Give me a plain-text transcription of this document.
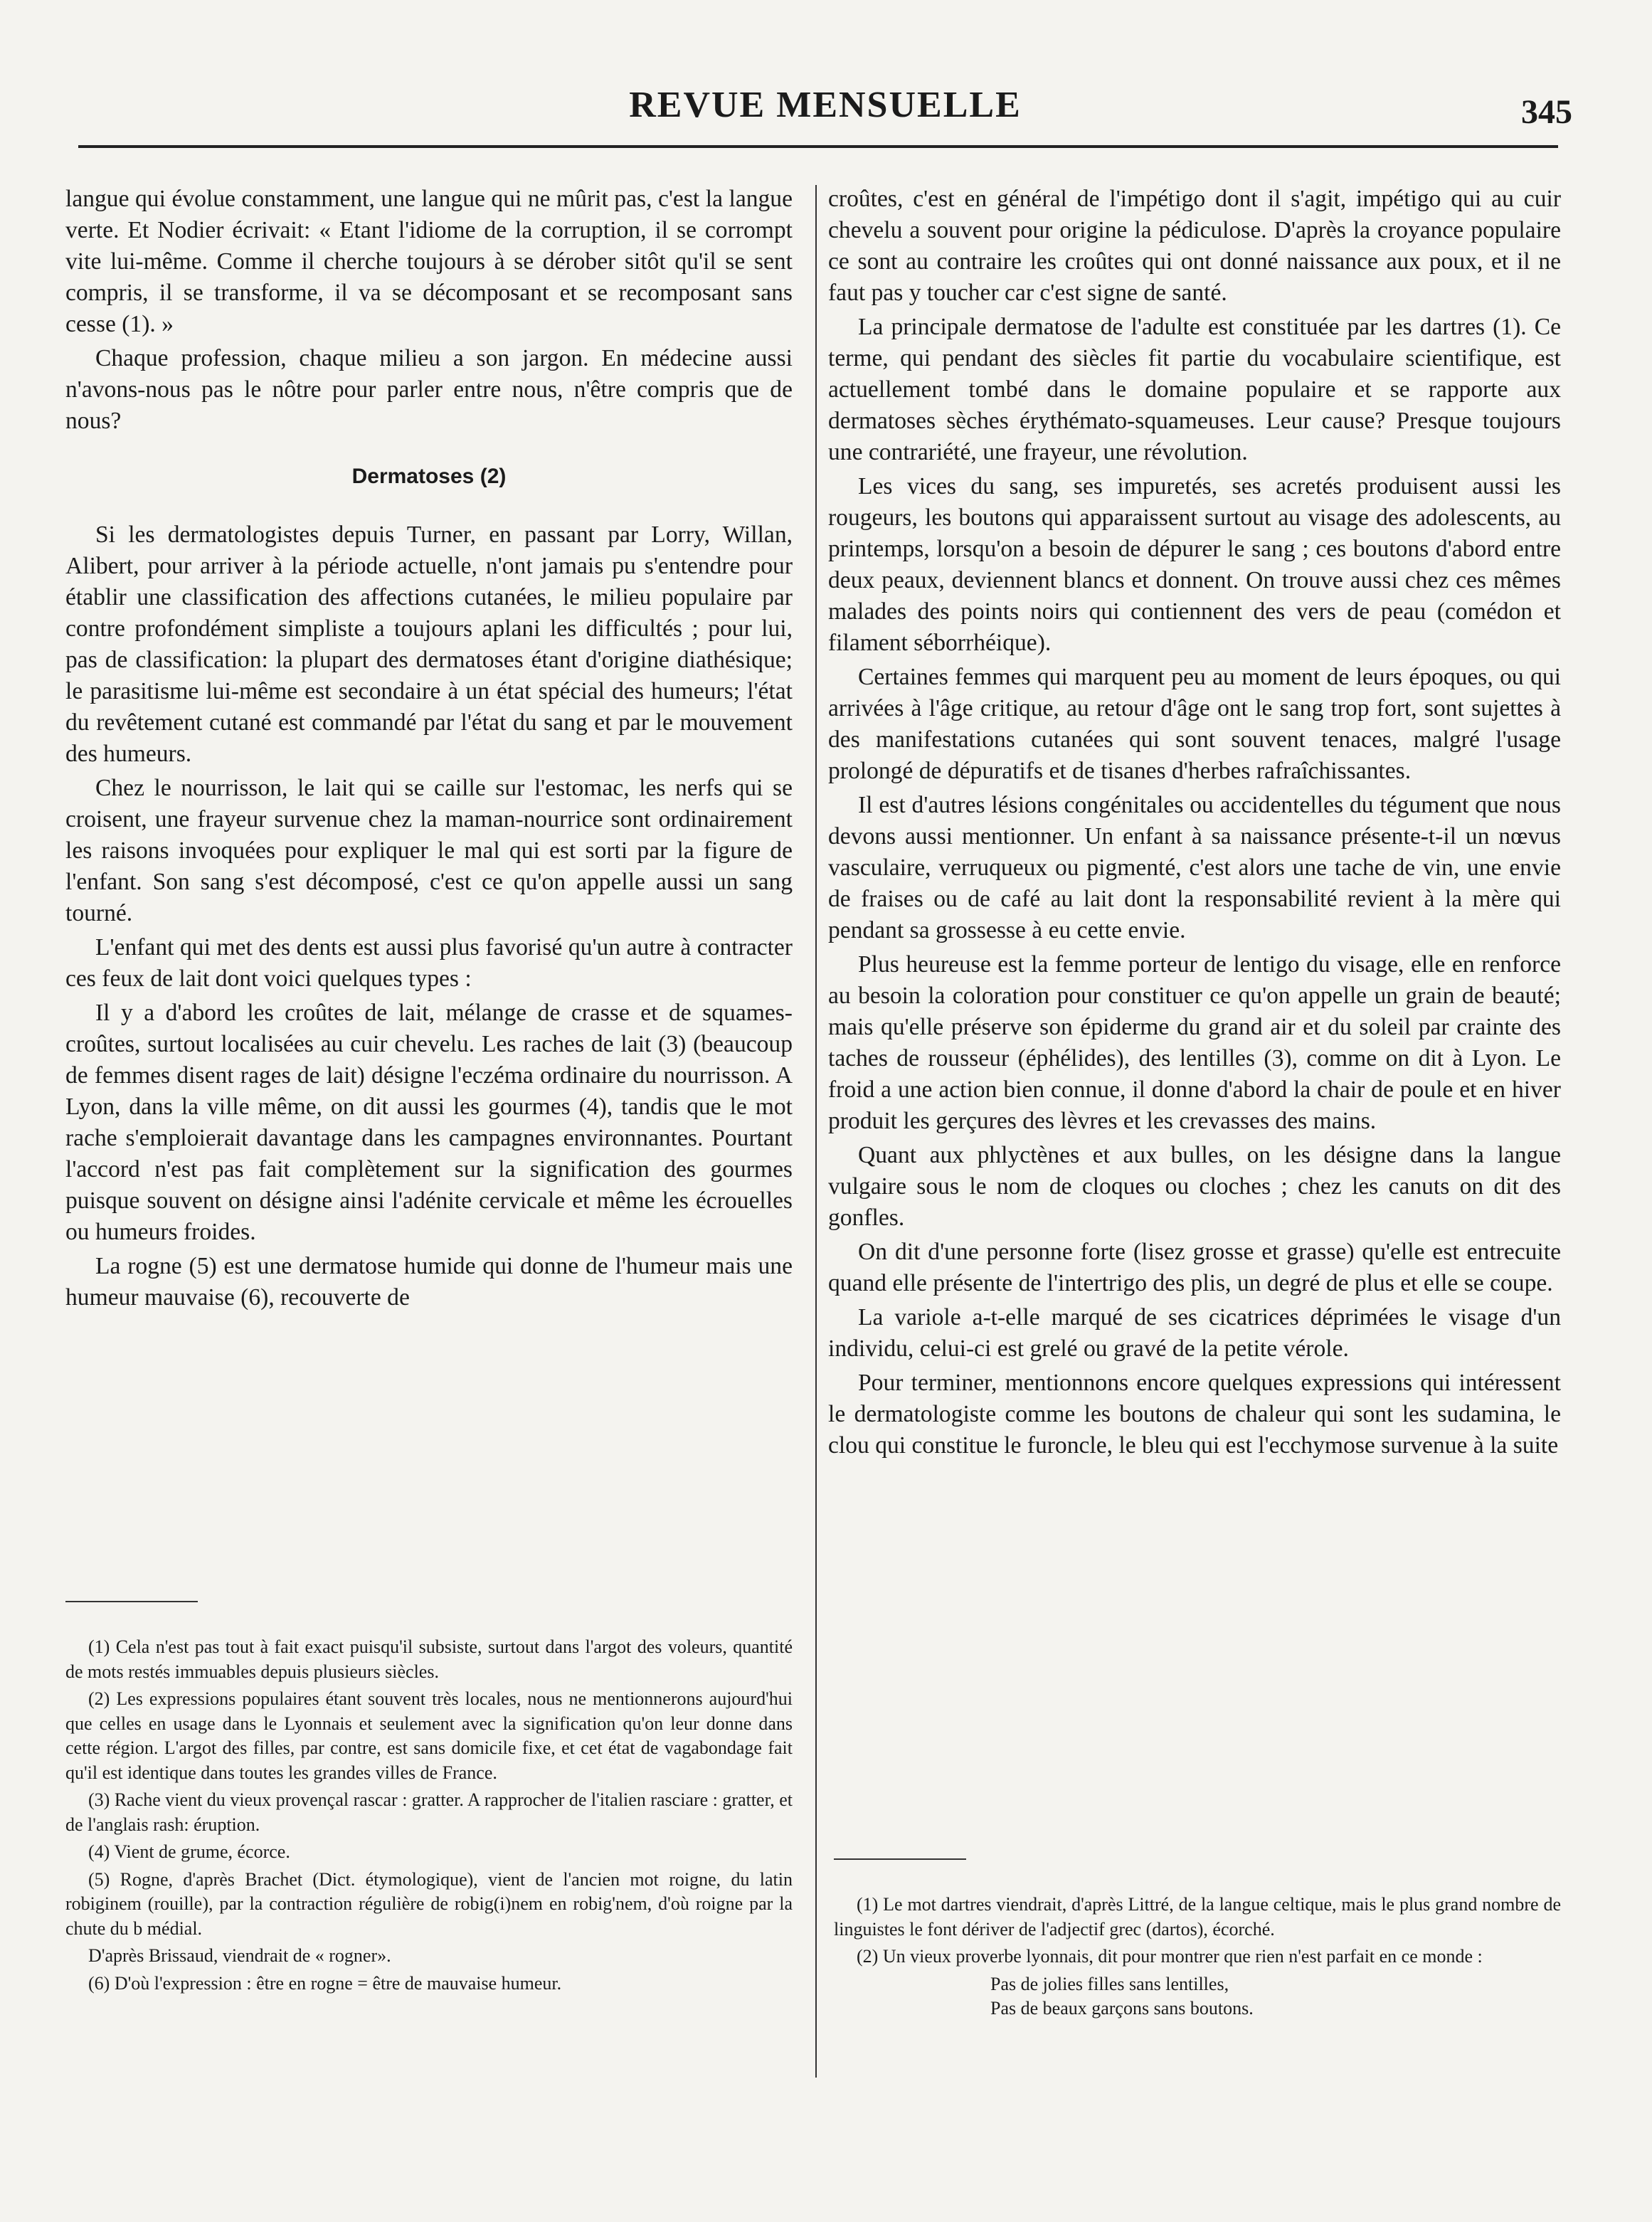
REVUE MENSUELLE	345

langue qui évolue constamment, une langue qui ne mûrit pas, c'est la langue verte. Et Nodier écrivait: « Etant l'idiome de la corruption, il se corrompt vite lui-même. Comme il cherche toujours à se dérober sitôt qu'il se sent compris, il se transforme, il va se décomposant et se recomposant sans cesse (1). »

Chaque profession, chaque milieu a son jargon. En médecine aussi n'avons-nous pas le nôtre pour parler entre nous, n'être compris que de nous?

Dermatoses (2)

Si les dermatologistes depuis Turner, en passant par Lorry, Willan, Alibert, pour arriver à la période actuelle, n'ont jamais pu s'entendre pour établir une classification des affections cutanées, le milieu populaire par contre profondément simpliste a toujours aplani les difficultés ; pour lui, pas de classification: la plupart des dermatoses étant d'origine diathésique; le parasitisme lui-même est secondaire à un état spécial des humeurs; l'état du revêtement cutané est commandé par l'état du sang et par le mouvement des humeurs.

Chez le nourrisson, le lait qui se caille sur l'estomac, les nerfs qui se croisent, une frayeur survenue chez la maman-nourrice sont ordinairement les raisons invoquées pour expliquer le mal qui est sorti par la figure de l'enfant. Son sang s'est décomposé, c'est ce qu'on appelle aussi un sang tourné.

L'enfant qui met des dents est aussi plus favorisé qu'un autre à contracter ces feux de lait dont voici quelques types :

Il y a d'abord les croûtes de lait, mélange de crasse et de squames-croûtes, surtout localisées au cuir chevelu. Les raches de lait (3) (beaucoup de femmes disent rages de lait) désigne l'eczéma ordinaire du nourrisson. A Lyon, dans la ville même, on dit aussi les gourmes (4), tandis que le mot rache s'emploierait davantage dans les campagnes environnantes. Pourtant l'accord n'est pas fait complètement sur la signification des gourmes puisque souvent on désigne ainsi l'adénite cervicale et même les écrouelles ou humeurs froides.

La rogne (5) est une dermatose humide qui donne de l'humeur mais une humeur mauvaise (6), recouverte de

(1) Cela n'est pas tout à fait exact puisqu'il subsiste, surtout dans l'argot des voleurs, quantité de mots restés immuables depuis plusieurs siècles.

(2) Les expressions populaires étant souvent très locales, nous ne mentionnerons aujourd'hui que celles en usage dans le Lyonnais et seulement avec la signification qu'on leur donne dans cette région. L'argot des filles, par contre, est sans domicile fixe, et cet état de vagabondage fait qu'il est identique dans toutes les grandes villes de France.

(3) Rache vient du vieux provençal rascar : gratter. A rapprocher de l'italien rasciare : gratter, et de l'anglais rash: éruption.

(4) Vient de grume, écorce.

(5) Rogne, d'après Brachet (Dict. étymologique), vient de l'ancien mot roigne, du latin robiginem (rouille), par la contraction régulière de robig(i)nem en robig'nem, d'où roigne par la chute du b médial.

D'après Brissaud, viendrait de « rogner».

(6) D'où l'expression : être en rogne = être de mauvaise humeur.

croûtes, c'est en général de l'impétigo dont il s'agit, impétigo qui au cuir chevelu a souvent pour origine la pédiculose. D'après la croyance populaire ce sont au contraire les croûtes qui ont donné naissance aux poux, et il ne faut pas y toucher car c'est signe de santé.

La principale dermatose de l'adulte est constituée par les dartres (1). Ce terme, qui pendant des siècles fit partie du vocabulaire scientifique, est actuellement tombé dans le domaine populaire et se rapporte aux dermatoses sèches érythémato-squameuses. Leur cause? Presque toujours une contrariété, une frayeur, une révolution.

Les vices du sang, ses impuretés, ses acretés produisent aussi les rougeurs, les boutons qui apparaissent surtout au visage des adolescents, au printemps, lorsqu'on a besoin de dépurer le sang ; ces boutons d'abord entre deux peaux, deviennent blancs et donnent. On trouve aussi chez ces mêmes malades des points noirs qui contiennent des vers de peau (comédon et filament séborrhéique).

Certaines femmes qui marquent peu au moment de leurs époques, ou qui arrivées à l'âge critique, au retour d'âge ont le sang trop fort, sont sujettes à des manifestations cutanées qui sont souvent tenaces, malgré l'usage prolongé de dépuratifs et de tisanes d'herbes rafraîchissantes.

Il est d'autres lésions congénitales ou accidentelles du tégument que nous devons aussi mentionner. Un enfant à sa naissance présente-t-il un nœvus vasculaire, verruqueux ou pigmenté, c'est alors une tache de vin, une envie de fraises ou de café au lait dont la responsabilité revient à la mère qui pendant sa grossesse à eu cette envie.

Plus heureuse est la femme porteur de lentigo du visage, elle en renforce au besoin la coloration pour constituer ce qu'on appelle un grain de beauté; mais qu'elle préserve son épiderme du grand air et du soleil par crainte des taches de rousseur (éphélides), des lentilles (3), comme on dit à Lyon. Le froid a une action bien connue, il donne d'abord la chair de poule et en hiver produit les gerçures des lèvres et les crevasses des mains.

Quant aux phlyctènes et aux bulles, on les désigne dans la langue vulgaire sous le nom de cloques ou cloches ; chez les canuts on dit des gonfles.

On dit d'une personne forte (lisez grosse et grasse) qu'elle est entrecuite quand elle présente de l'intertrigo des plis, un degré de plus et elle se coupe.

La variole a-t-elle marqué de ses cicatrices déprimées le visage d'un individu, celui-ci est grelé ou gravé de la petite vérole.

Pour terminer, mentionnons encore quelques expressions qui intéressent le dermatologiste comme les boutons de chaleur qui sont les sudamina, le clou qui constitue le furoncle, le bleu qui est l'ecchymose survenue à la suite

(1) Le mot dartres viendrait, d'après Littré, de la langue celtique, mais le plus grand nombre de linguistes le font dériver de l'adjectif grec (dartos), écorché.

(2) Un vieux proverbe lyonnais, dit pour montrer que rien n'est parfait en ce monde :

Pas de jolies filles sans lentilles,

Pas de beaux garçons sans boutons.
